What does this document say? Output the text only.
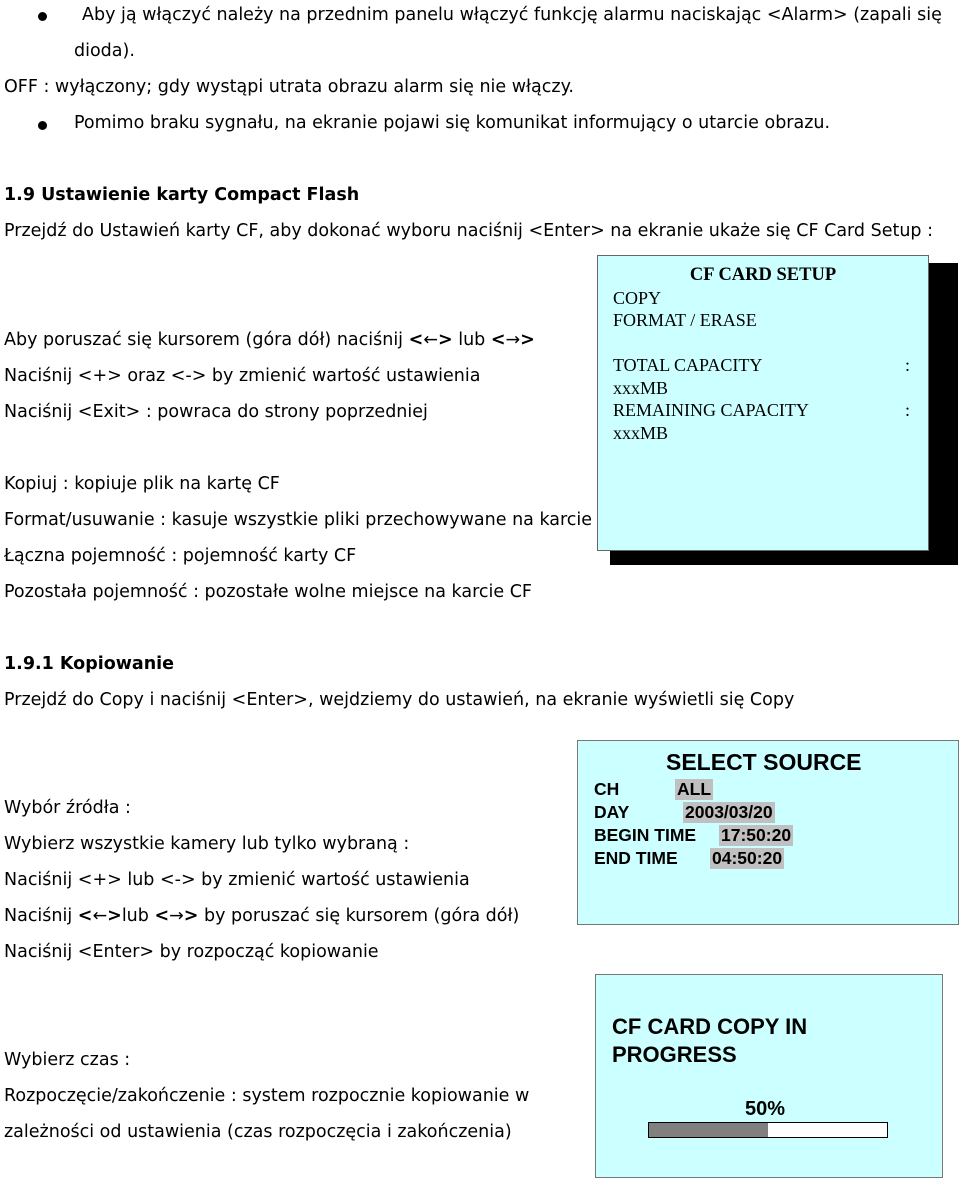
Aby ją włączyć należy na przednim panelu włączyć funkcję alarmu naciskając <Alarm> (zapali się
dioda).
OFF : wyłączony; gdy wystąpi utrata obrazu alarm się nie włączy.
Pomimo braku sygnału, na ekranie pojawi się komunikat informujący o utarcie obrazu.
1.9 Ustawienie karty Compact Flash
Przejdź do Ustawień karty CF, aby dokonać wyboru naciśnij <Enter> na ekranie ukaże się CF Card Setup :
Aby poruszać się kursorem (góra dół) naciśnij <←> lub <→>
Naciśnij <+> oraz <-> by zmienić wartość ustawienia
Naciśnij <Exit> : powraca do strony poprzedniej
Kopiuj : kopiuje plik na kartę CF
Format/usuwanie : kasuje wszystkie pliki przechowywane na karcie
Łączna pojemność : pojemność karty CF
Pozostała pojemność : pozostałe wolne miejsce na karcie CF
CF CARD SETUP
COPY
FORMAT / ERASE
TOTAL CAPACITY	:
xxxMB
REMAINING CAPACITY	:
xxxMB
1.9.1 Kopiowanie
Przejdź do Copy i naciśnij <Enter>, wejdziemy do ustawień, na ekranie wyświetli się Copy
Wybór źródła :
Wybierz wszystkie kamery lub tylko wybraną :
Naciśnij <+> lub <-> by zmienić wartość ustawienia
Naciśnij <←>lub <→> by poruszać się kursorem (góra dół)
Naciśnij <Enter> by rozpocząć kopiowanie
Wybierz czas :
Rozpoczęcie/zakończenie : system rozpocznie kopiowanie w
zależności od ustawienia (czas rozpoczęcia i zakończenia)
SELECT SOURCE
CH	ALL
DAY	2003/03/20
BEGIN TIME 17:50:20
END TIME 04:50:20
CF CARD COPY IN
PROGRESS
50%
